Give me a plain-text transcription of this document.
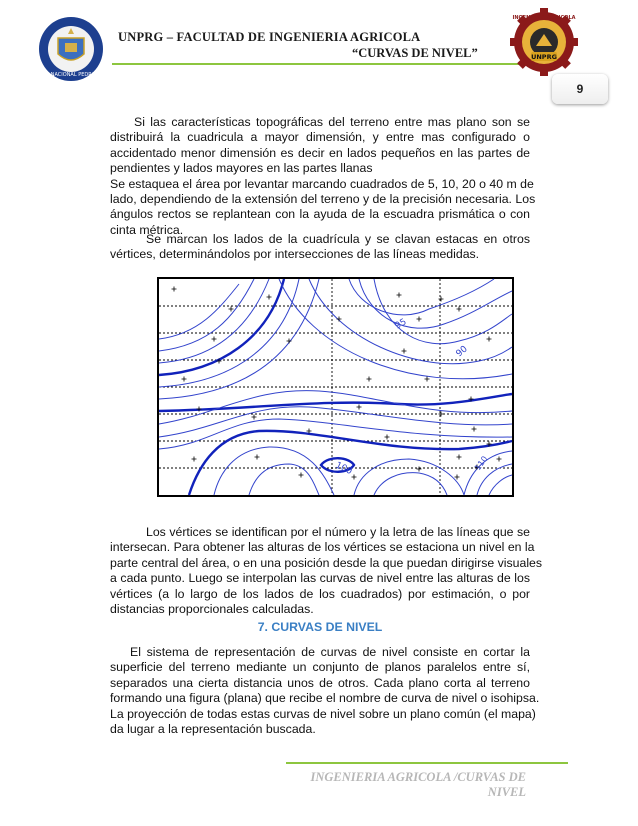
UNIVERSIDAD NACIONAL PEDRO RUIZ GALLO
UNPRG – FACULTAD DE INGENIERIA AGRICOLA
“CURVAS DE NIVEL”	UNPRG
INGENIERIA AGRICOLA
9
Si las características topográficas del terreno entre mas plano son se
distribuirá la cuadricula a mayor dimensión, y entre mas configurado o
accidentado menor dimensión es decir en lados pequeños en las partes de
pendientes y lados mayores en las partes llanas
Se estaquea el área por levantar marcando cuadrados de 5, 10, 20 o 40 m de
lado, dependiendo de la extensión del terreno y de la precisión necesaria. Los
ángulos rectos se replantean con la ayuda de la escuadra prismática o con
cinta métrica.
Se marcan los lados de la cuadrícula y se clavan estacas en otros
vértices, determinándolos por intersecciones de las líneas medidas.
95
90
100	110
Los vértices se identifican por el número y la letra de las líneas que se
intersecan. Para obtener las alturas de los vértices se estaciona un nivel en la
parte central del área, o en una posición desde la que puedan dirigirse visuales
a cada punto. Luego se interpolan las curvas de nivel entre las alturas de los
vértices (a lo largo de los lados de los cuadrados) por estimación, o por
distancias proporcionales calculadas.
7. CURVAS DE NIVEL
El sistema de representación de curvas de nivel consiste en cortar la
superficie del terreno mediante un conjunto de planos paralelos entre sí,
separados una cierta distancia unos de otros. Cada plano corta al terreno
formando una figura (plana) que recibe el nombre de curva de nivel o isohipsa.
La proyección de todas estas curvas de nivel sobre un plano común (el mapa)
da lugar a la representación buscada.
INGENIERIA AGRICOLA /CURVAS DE NIVEL
